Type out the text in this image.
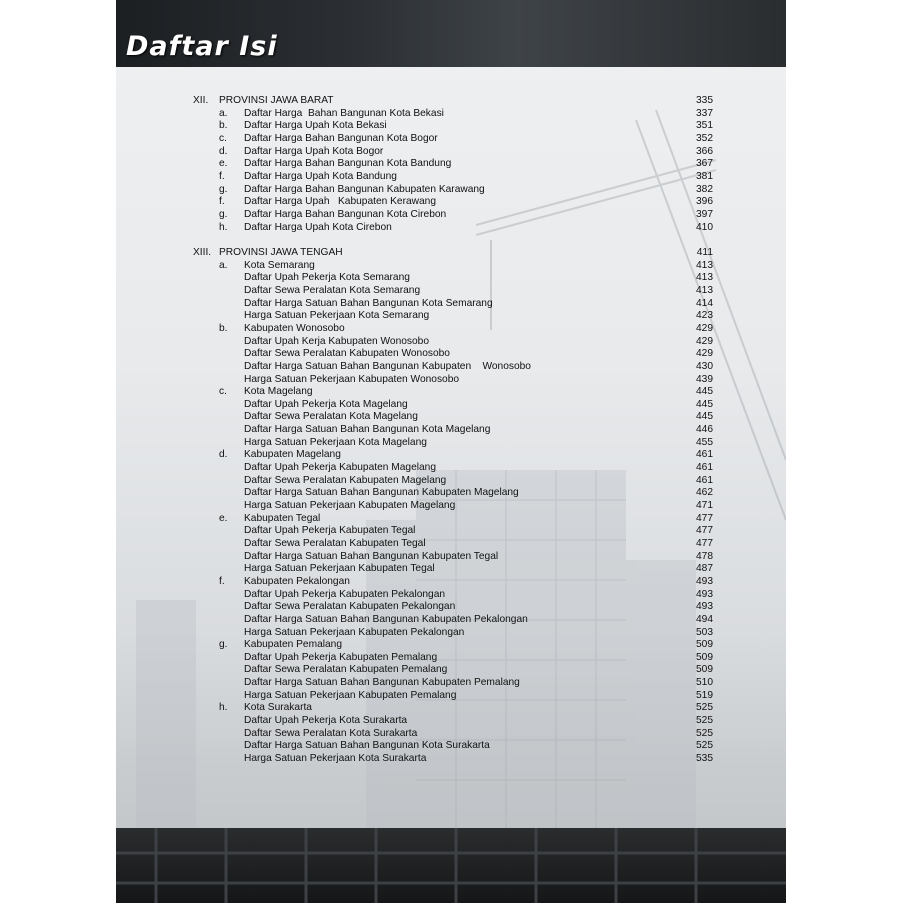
Daftar Isi
XII. PROVINSI JAWA BARAT	335
a. Daftar Harga  Bahan Bangunan Kota Bekasi	337
b. Daftar Harga Upah Kota Bekasi	351
c. Daftar Harga Bahan Bangunan Kota Bogor	352
d. Daftar Harga Upah Kota Bogor	366
e. Daftar Harga Bahan Bangunan Kota Bandung	367
f. Daftar Harga Upah Kota Bandung	381
g. Daftar Harga Bahan Bangunan Kabupaten Karawang	382
f. Daftar Harga Upah   Kabupaten Kerawang	396
g. Daftar Harga Bahan Bangunan Kota Cirebon	397
h. Daftar Harga Upah Kota Cirebon	410
XIII. PROVINSI JAWA TENGAH	411
a. Kota Semarang	413
Daftar Upah Pekerja Kota Semarang	413
Daftar Sewa Peralatan Kota Semarang	413
Daftar Harga Satuan Bahan Bangunan Kota Semarang	414
Harga Satuan Pekerjaan Kota Semarang	423
b. Kabupaten Wonosobo	429
Daftar Upah Kerja Kabupaten Wonosobo	429
Daftar Sewa Peralatan Kabupaten Wonosobo	429
Daftar Harga Satuan Bahan Bangunan Kabupaten    Wonosobo	430
Harga Satuan Pekerjaan Kabupaten Wonosobo	439
c. Kota Magelang	445
Daftar Upah Pekerja Kota Magelang	445
Daftar Sewa Peralatan Kota Magelang	445
Daftar Harga Satuan Bahan Bangunan Kota Magelang	446
Harga Satuan Pekerjaan Kota Magelang	455
d. Kabupaten Magelang	461
Daftar Upah Pekerja Kabupaten Magelang	461
Daftar Sewa Peralatan Kabupaten Magelang	461
Daftar Harga Satuan Bahan Bangunan Kabupaten Magelang	462
Harga Satuan Pekerjaan Kabupaten Magelang	471
e. Kabupaten Tegal	477
Daftar Upah Pekerja Kabupaten Tegal	477
Daftar Sewa Peralatan Kabupaten Tegal	477
Daftar Harga Satuan Bahan Bangunan Kabupaten Tegal	478
Harga Satuan Pekerjaan Kabupaten Tegal	487
f. Kabupaten Pekalongan	493
Daftar Upah Pekerja Kabupaten Pekalongan	493
Daftar Sewa Peralatan Kabupaten Pekalongan	493
Daftar Harga Satuan Bahan Bangunan Kabupaten Pekalongan	494
Harga Satuan Pekerjaan Kabupaten Pekalongan	503
g. Kabupaten Pemalang	509
Daftar Upah Pekerja Kabupaten Pemalang	509
Daftar Sewa Peralatan Kabupaten Pemalang	509
Daftar Harga Satuan Bahan Bangunan Kabupaten Pemalang	510
Harga Satuan Pekerjaan Kabupaten Pemalang	519
h. Kota Surakarta	525
Daftar Upah Pekerja Kota Surakarta	525
Daftar Sewa Peralatan Kota Surakarta	525
Daftar Harga Satuan Bahan Bangunan Kota Surakarta	525
Harga Satuan Pekerjaan Kota Surakarta	535
